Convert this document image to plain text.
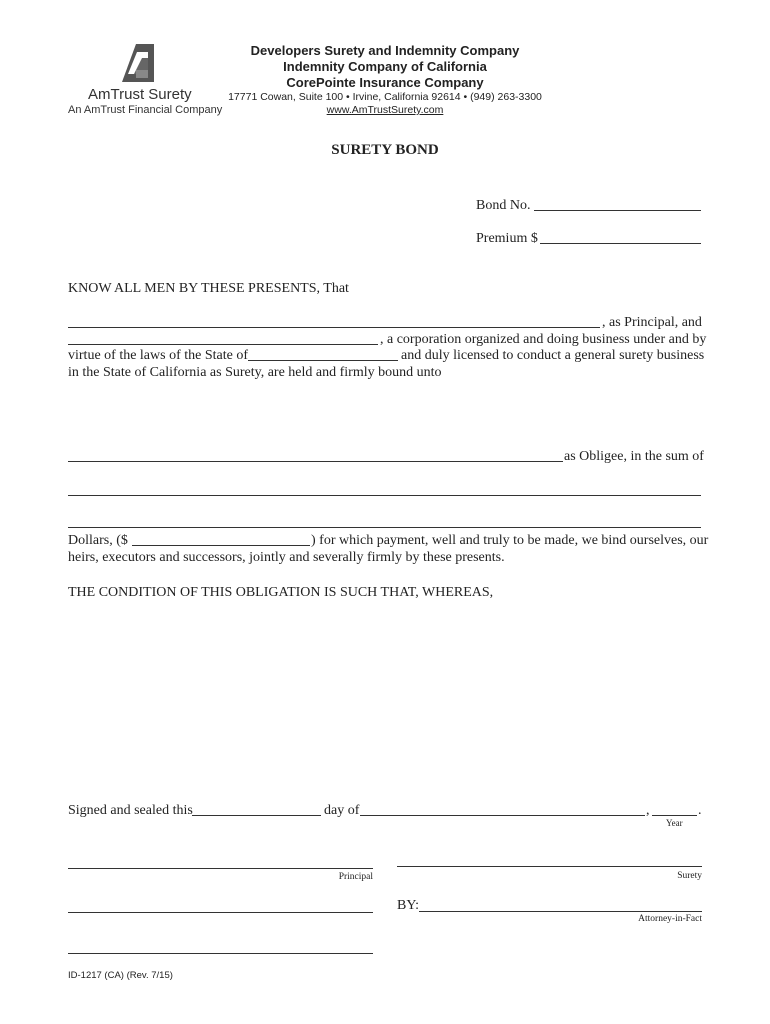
AmTrust Surety
An AmTrust Financial Company
Developers Surety and Indemnity Company
Indemnity Company of California
CorePointe Insurance Company
17771 Cowan, Suite 100 • Irvine, California 92614 • (949) 263-3300
www.AmTrustSurety.com
SURETY BOND
Bond No.
Premium $
KNOW ALL MEN BY THESE PRESENTS, That
, as Principal, and
, a corporation organized and doing business under and by
virtue of the laws of the State of	and duly licensed to conduct a general surety business
in the State of California as Surety, are held and firmly bound unto
as Obligee, in the sum of
Dollars, ($	) for which payment, well and truly to be made, we bind ourselves, our
heirs, executors and successors, jointly and severally firmly by these presents.
THE CONDITION OF THIS OBLIGATION IS SUCH THAT, WHEREAS,
Signed and sealed this	day of	,	.
Year
Principal	Surety
BY:
Attorney-in-Fact
ID-1217 (CA) (Rev. 7/15)
